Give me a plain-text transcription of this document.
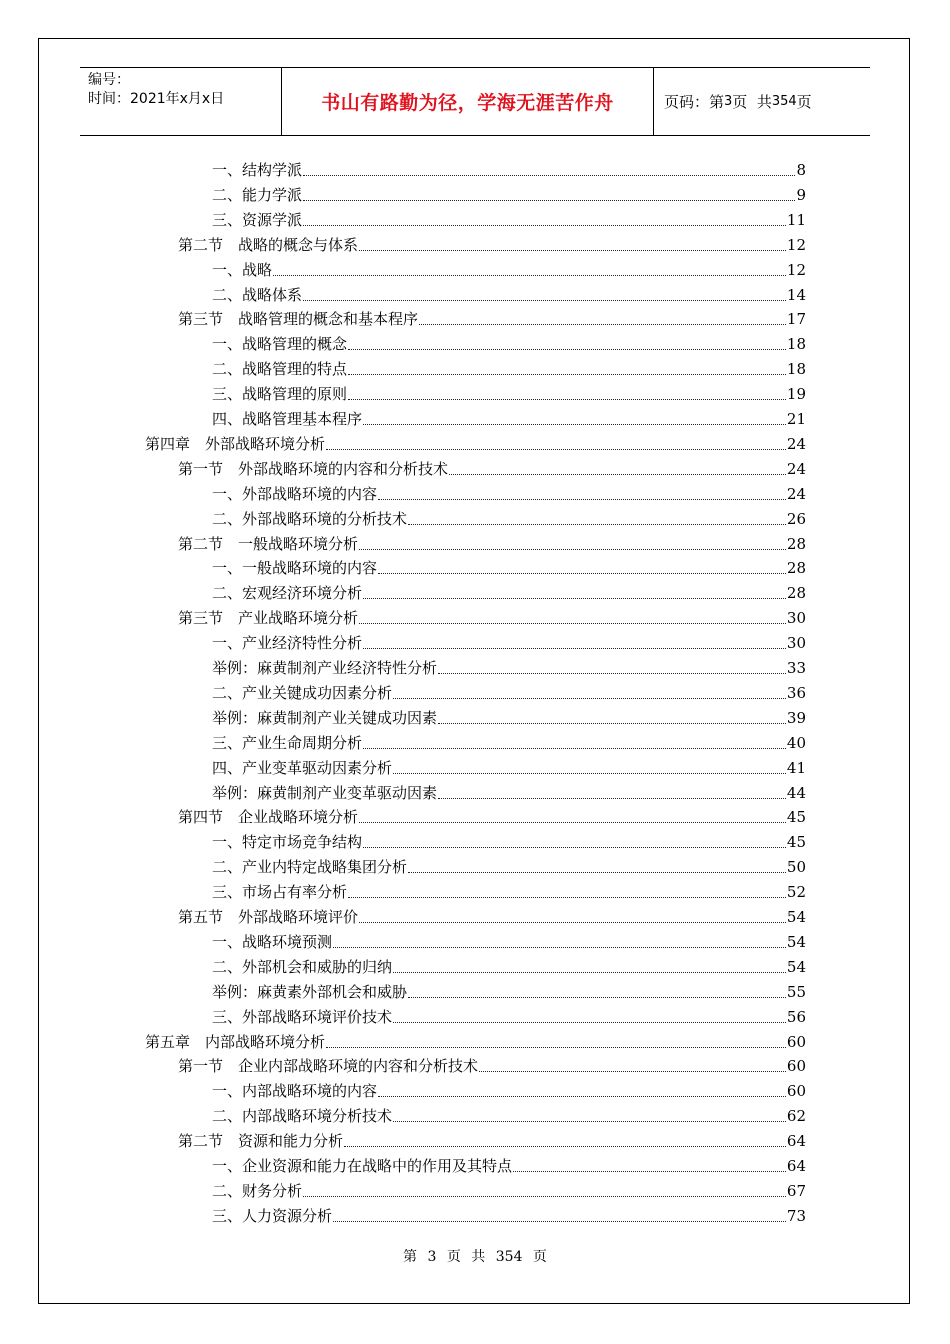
编号：
时间：2021年x月x日	书山有路勤为径，学海无涯苦作舟	页码：第 3 页  共 354 页
一、结构学派	8
二、能力学派	9
三、资源学派	11
第二节　战略的概念与体系	12
一、战略	12
二、战略体系	14
第三节　战略管理的概念和基本程序	17
一、战略管理的概念	18
二、战略管理的特点	18
三、战略管理的原则	19
四、战略管理基本程序	21
第四章　外部战略环境分析	24
第一节　外部战略环境的内容和分析技术	24
一、外部战略环境的内容	24
二、外部战略环境的分析技术	26
第二节　一般战略环境分析	28
一、一般战略环境的内容	28
二、宏观经济环境分析	28
第三节　产业战略环境分析	30
一、产业经济特性分析	30
举例：麻黄制剂产业经济特性分析	33
二、产业关键成功因素分析	36
举例：麻黄制剂产业关键成功因素	39
三、产业生命周期分析	40
四、产业变革驱动因素分析	41
举例：麻黄制剂产业变革驱动因素	44
第四节　企业战略环境分析	45
一、特定市场竞争结构	45
二、产业内特定战略集团分析	50
三、市场占有率分析	52
第五节　外部战略环境评价	54
一、战略环境预测	54
二、外部机会和威胁的归纳	54
举例：麻黄素外部机会和威胁	55
三、外部战略环境评价技术	56
第五章　内部战略环境分析	60
第一节　企业内部战略环境的内容和分析技术	60
一、内部战略环境的内容	60
二、内部战略环境分析技术	62
第二节　资源和能力分析	64
一、企业资源和能力在战略中的作用及其特点	64
二、财务分析	67
三、人力资源分析	73
第 3 页 共 354 页
